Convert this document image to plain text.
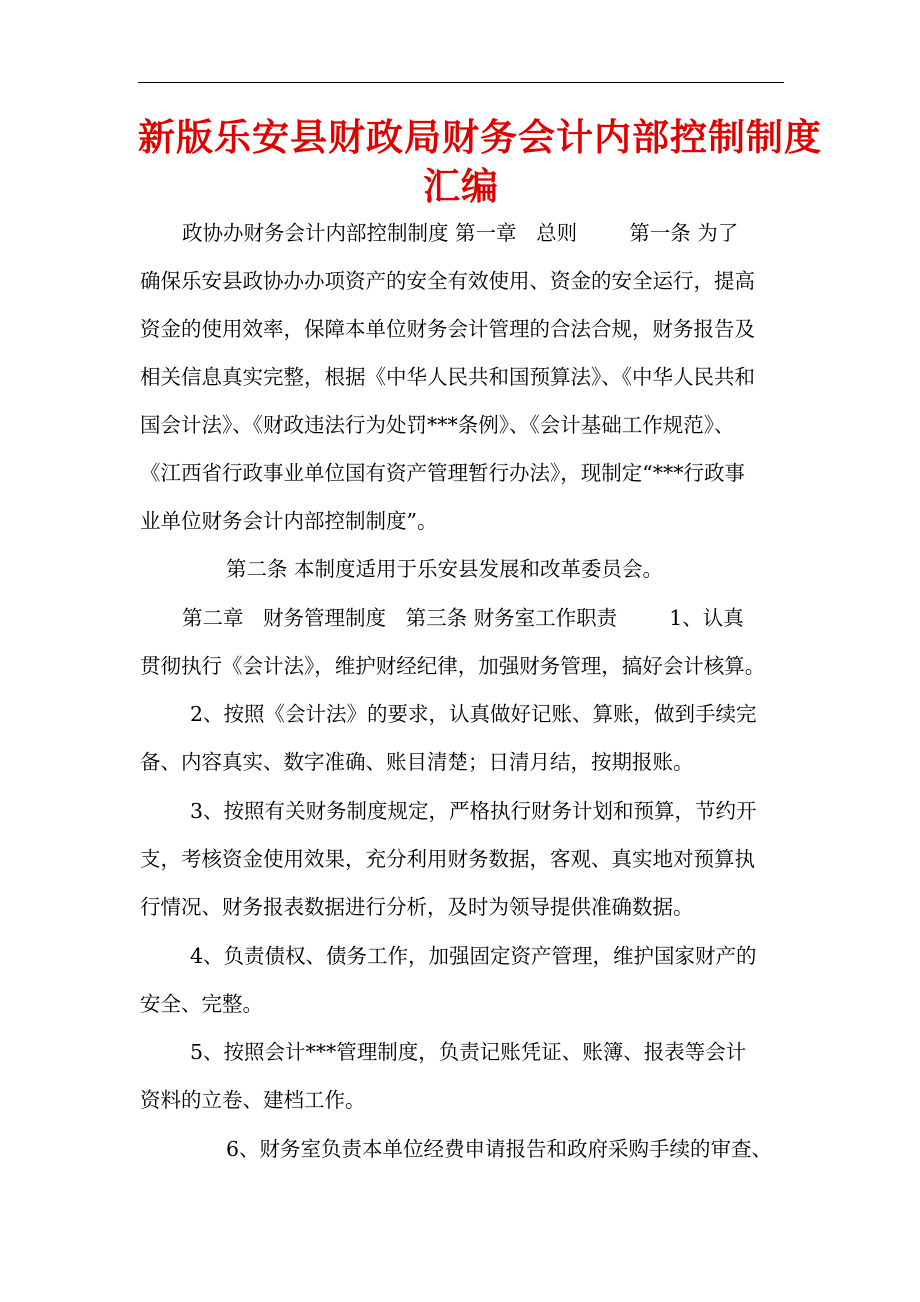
新版乐安县财政局财务会计内部控制制度
汇编
政协办财务会计内部控制制度 第一章   总则        第一条 为了
确保乐安县政协办办项资产的安全有效使用、资金的安全运行，提高
资金的使用效率，保障本单位财务会计管理的合法合规，财务报告及
相关信息真实完整，根据《中华人民共和国预算法》、《中华人民共和
国会计法》、《财政违法行为处罚***条例》、《会计基础工作规范》、
《江西省行政事业单位国有资产管理暂行办法》，现制定“***行政事
业单位财务会计内部控制制度”。
第二条 本制度适用于乐安县发展和改革委员会。
第二章   财务管理制度   第三条 财务室工作职责        1、认真
贯彻执行《会计法》，维护财经纪律，加强财务管理，搞好会计核算。
2、按照《会计法》的要求，认真做好记账、算账，做到手续完
备、内容真实、数字准确、账目清楚；日清月结，按期报账。
3、按照有关财务制度规定，严格执行财务计划和预算，节约开
支，考核资金使用效果，充分利用财务数据，客观、真实地对预算执
行情况、财务报表数据进行分析，及时为领导提供准确数据。
4、负责债权、债务工作，加强固定资产管理，维护国家财产的
安全、完整。
5、按照会计***管理制度，负责记账凭证、账簿、报表等会计
资料的立卷、建档工作。
6、财务室负责本单位经费申请报告和政府采购手续的审查、
